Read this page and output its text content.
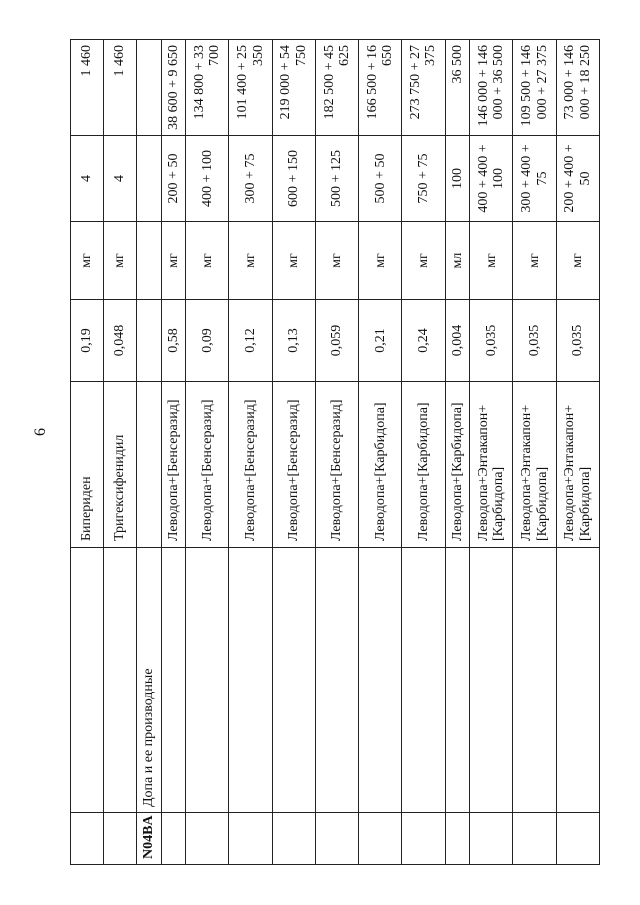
6
		Бипериден	0,19	мг	4	1 460
		Тригексифенидил	0,048	мг	4	1 460
N04BA	Допа и ее производные					
		Леводопа+[Бенсеразид]	0,58	мг	200 + 50	38 600 + 9 650
		Леводопа+[Бенсеразид]	0,09	мг	400 + 100	134 800 + 33 700
		Леводопа+[Бенсеразид]	0,12	мг	300 + 75	101 400 + 25 350
		Леводопа+[Бенсеразид]	0,13	мг	600 + 150	219 000 + 54 750
		Леводопа+[Бенсеразид]	0,059	мг	500 + 125	182 500 + 45 625
		Леводопа+[Карбидопа]	0,21	мг	500 + 50	166 500 + 16 650
		Леводопа+[Карбидопа]	0,24	мг	750 + 75	273 750 + 27 375
		Леводопа+[Карбидопа]	0,004	мл	100	36 500
		Леводопа+Энтакапон+[Карбидопа]	0,035	мг	400 + 400 + 100	146 000 + 146 000 + 36 500
		Леводопа+Энтакапон+[Карбидопа]	0,035	мг	300 + 400 + 75	109 500 + 146 000 + 27 375
		Леводопа+Энтакапон+[Карбидопа]	0,035	мг	200 + 400 + 50	73 000 + 146 000 + 18 250
